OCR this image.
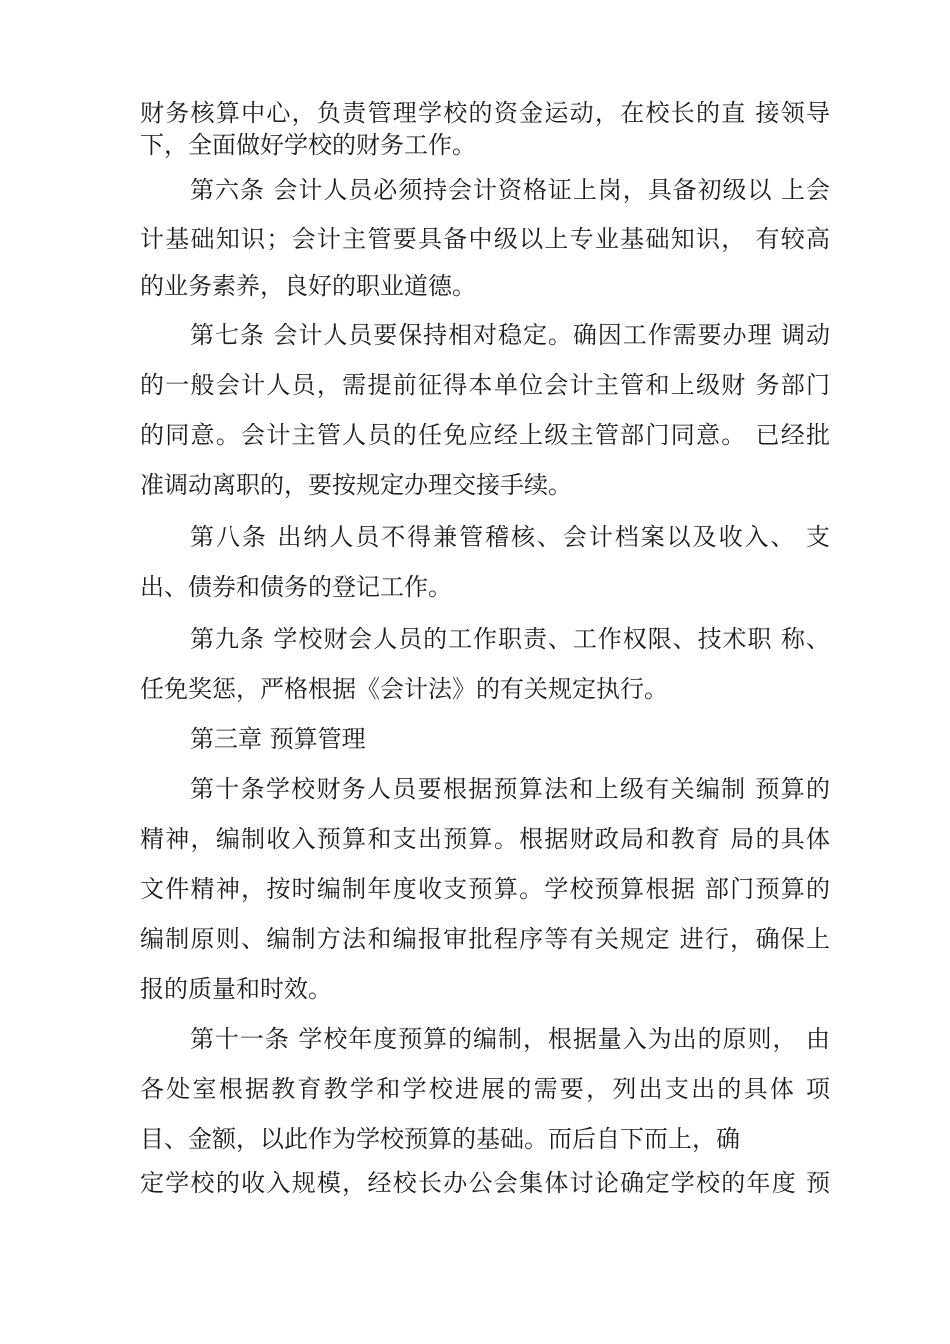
财务核算中心，负责管理学校的资金运动，在校长的直 接领导
下，全面做好学校的财务工作。
第六条 会计人员必须持会计资格证上岗，具备初级以 上会
计基础知识；会计主管要具备中级以上专业基础知识， 有较高
的业务素养，良好的职业道德。
第七条 会计人员要保持相对稳定。确因工作需要办理 调动
的一般会计人员，需提前征得本单位会计主管和上级财 务部门
的同意。会计主管人员的任免应经上级主管部门同意。 已经批
准调动离职的，要按规定办理交接手续。
第八条 出纳人员不得兼管稽核、会计档案以及收入、 支
出、债券和债务的登记工作。
第九条 学校财会人员的工作职责、工作权限、技术职 称、
任免奖惩，严格根据《会计法》的有关规定执行。
第三章 预算管理
第十条学校财务人员要根据预算法和上级有关编制 预算的
精神，编制收入预算和支出预算。根据财政局和教育 局的具体
文件精神，按时编制年度收支预算。学校预算根据 部门预算的
编制原则、编制方法和编报审批程序等有关规定 进行，确保上
报的质量和时效。
第十一条 学校年度预算的编制，根据量入为出的原则， 由
各处室根据教育教学和学校进展的需要，列出支出的具体 项
目、金额，以此作为学校预算的基础。而后自下而上，确
定学校的收入规模，经校长办公会集体讨论确定学校的年度 预
